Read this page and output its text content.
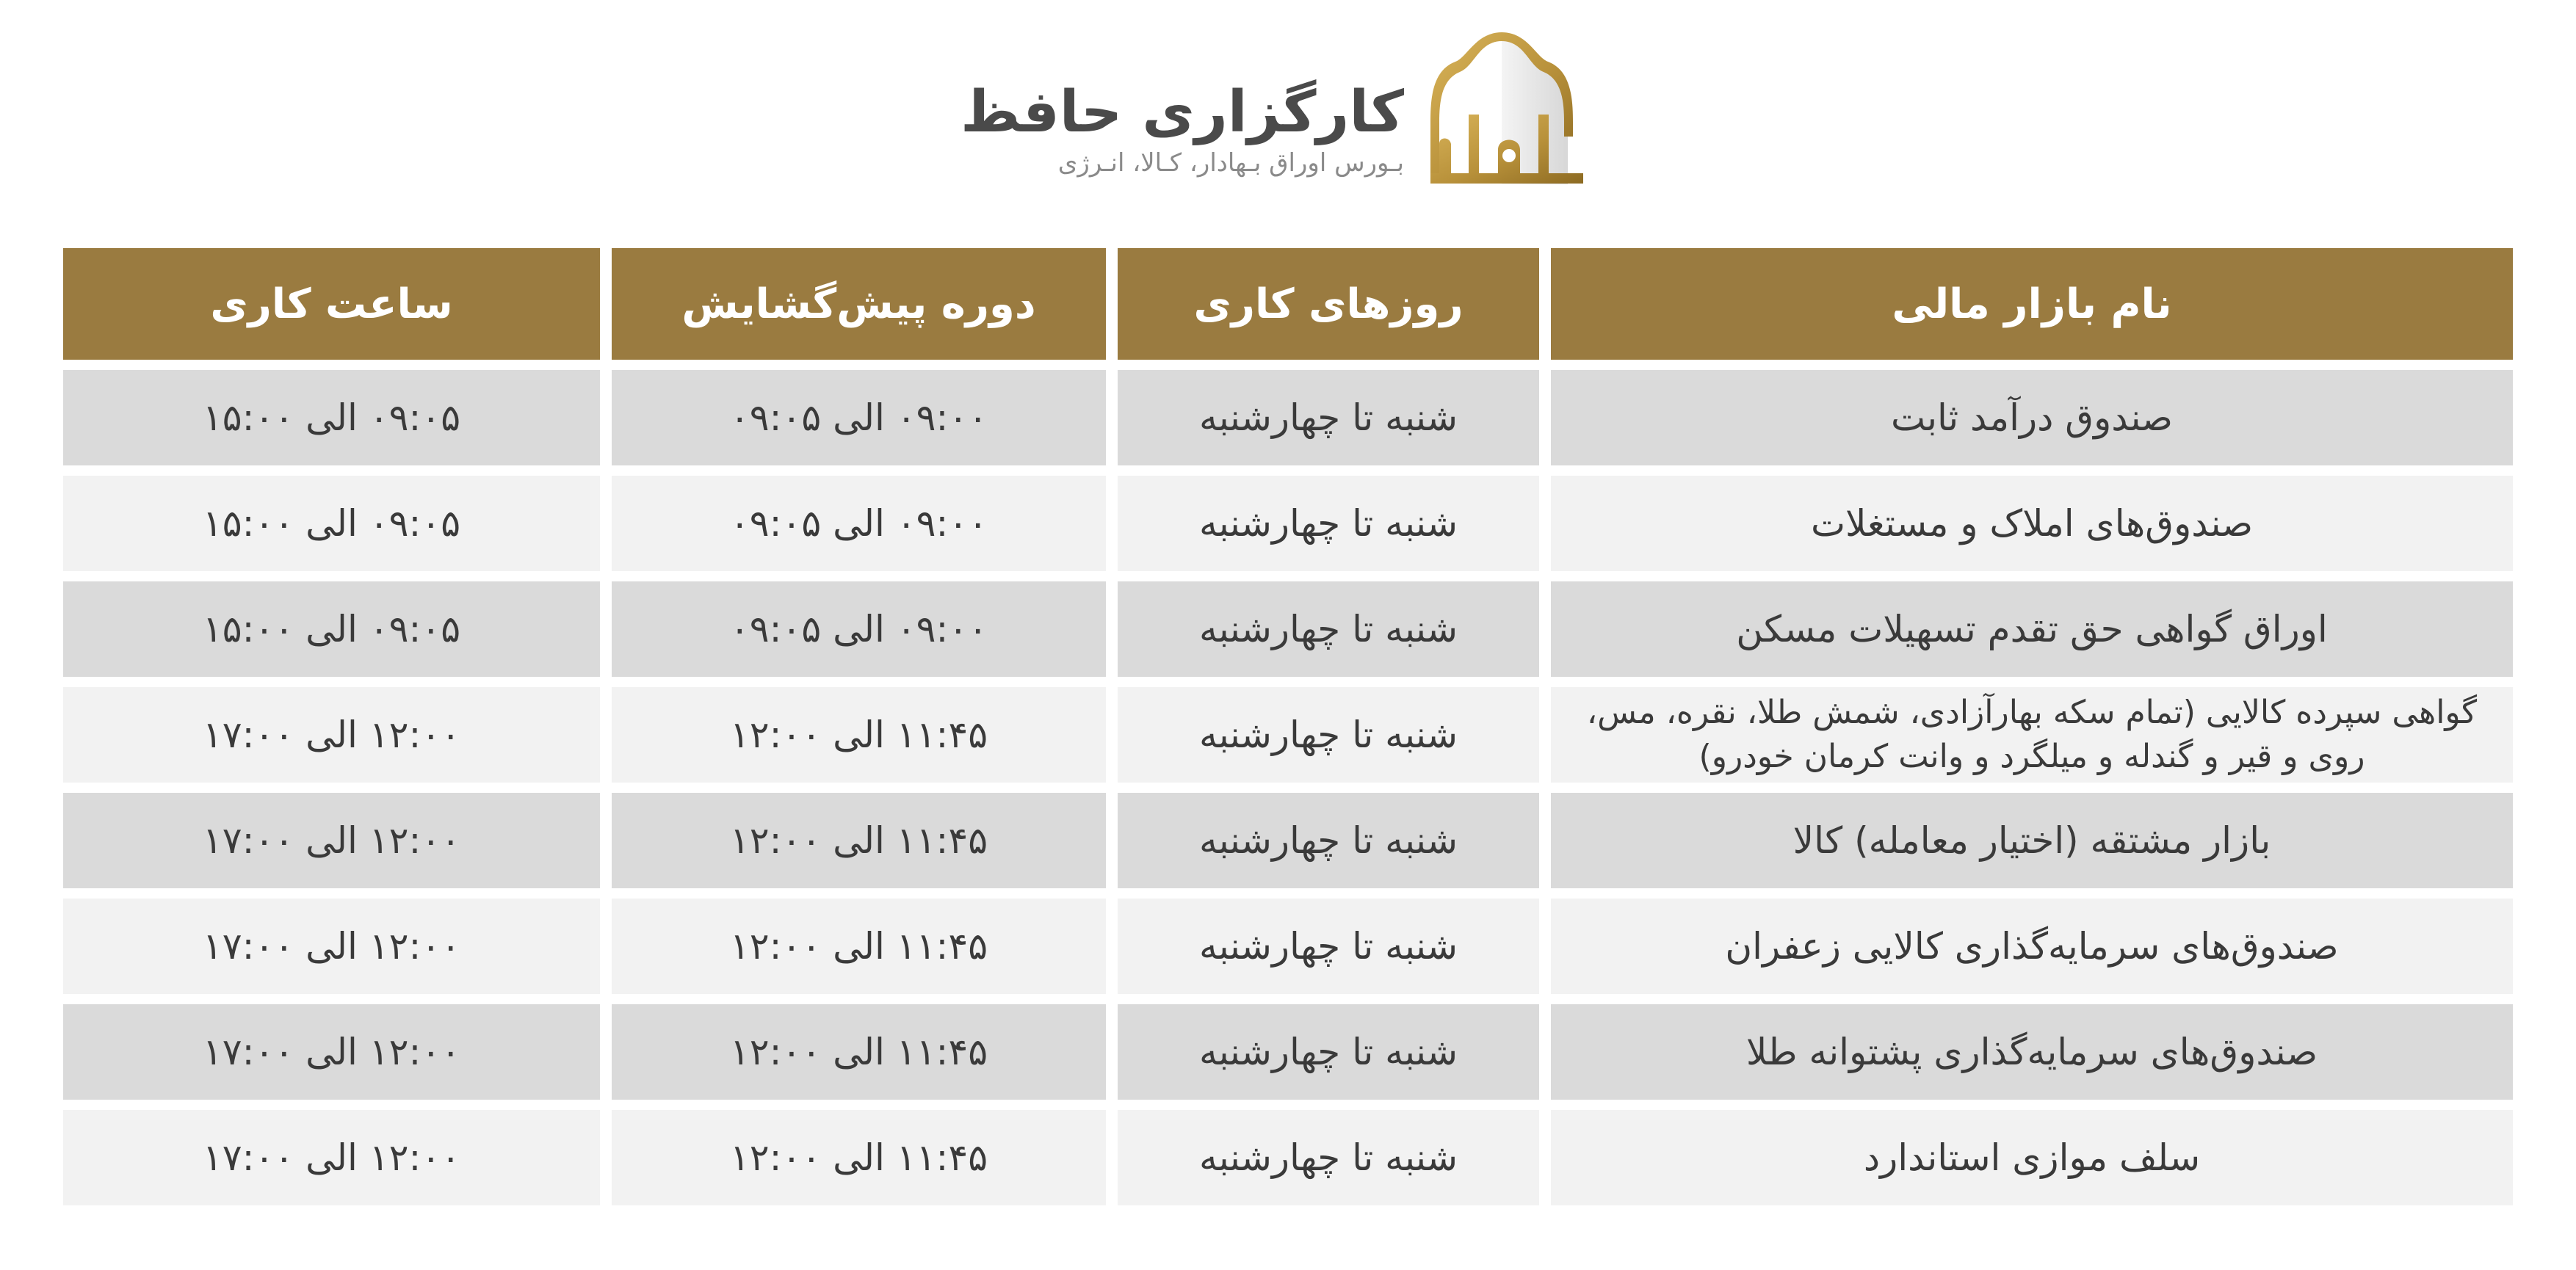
کارگزاری حافظ
بـورس اوراق بـهادار، کـالا، انـرژی
نام بازار مالی
روزهای کاری
دوره پیش‌گشایش
ساعت کاری
صندوق درآمد ثابت
شنبه تا چهارشنبه
۰۹:۰۰ الی ۰۹:۰۵
۰۹:۰۵ الی ۱۵:۰۰
صندوق‌های املاک و مستغلات
شنبه تا چهارشنبه
۰۹:۰۰ الی ۰۹:۰۵
۰۹:۰۵ الی ۱۵:۰۰
اوراق گواهی حق تقدم تسهیلات مسکن
شنبه تا چهارشنبه
۰۹:۰۰ الی ۰۹:۰۵
۰۹:۰۵ الی ۱۵:۰۰
گواهی سپرده کالایی (تمام سکه بهارآزادی، شمش طلا، نقره، مس، روی و قیر و گندله و میلگرد و وانت کرمان خودرو)
شنبه تا چهارشنبه
۱۱:۴۵ الی ۱۲:۰۰
۱۲:۰۰ الی ۱۷:۰۰
بازار مشتقه (اختیار معامله) کالا
شنبه تا چهارشنبه
۱۱:۴۵ الی ۱۲:۰۰
۱۲:۰۰ الی ۱۷:۰۰
صندوق‌های سرمایه‌گذاری کالایی زعفران
شنبه تا چهارشنبه
۱۱:۴۵ الی ۱۲:۰۰
۱۲:۰۰ الی ۱۷:۰۰
صندوق‌های سرمایه‌گذاری پشتوانه طلا
شنبه تا چهارشنبه
۱۱:۴۵ الی ۱۲:۰۰
۱۲:۰۰ الی ۱۷:۰۰
سلف موازی استاندارد
شنبه تا چهارشنبه
۱۱:۴۵ الی ۱۲:۰۰
۱۲:۰۰ الی ۱۷:۰۰
